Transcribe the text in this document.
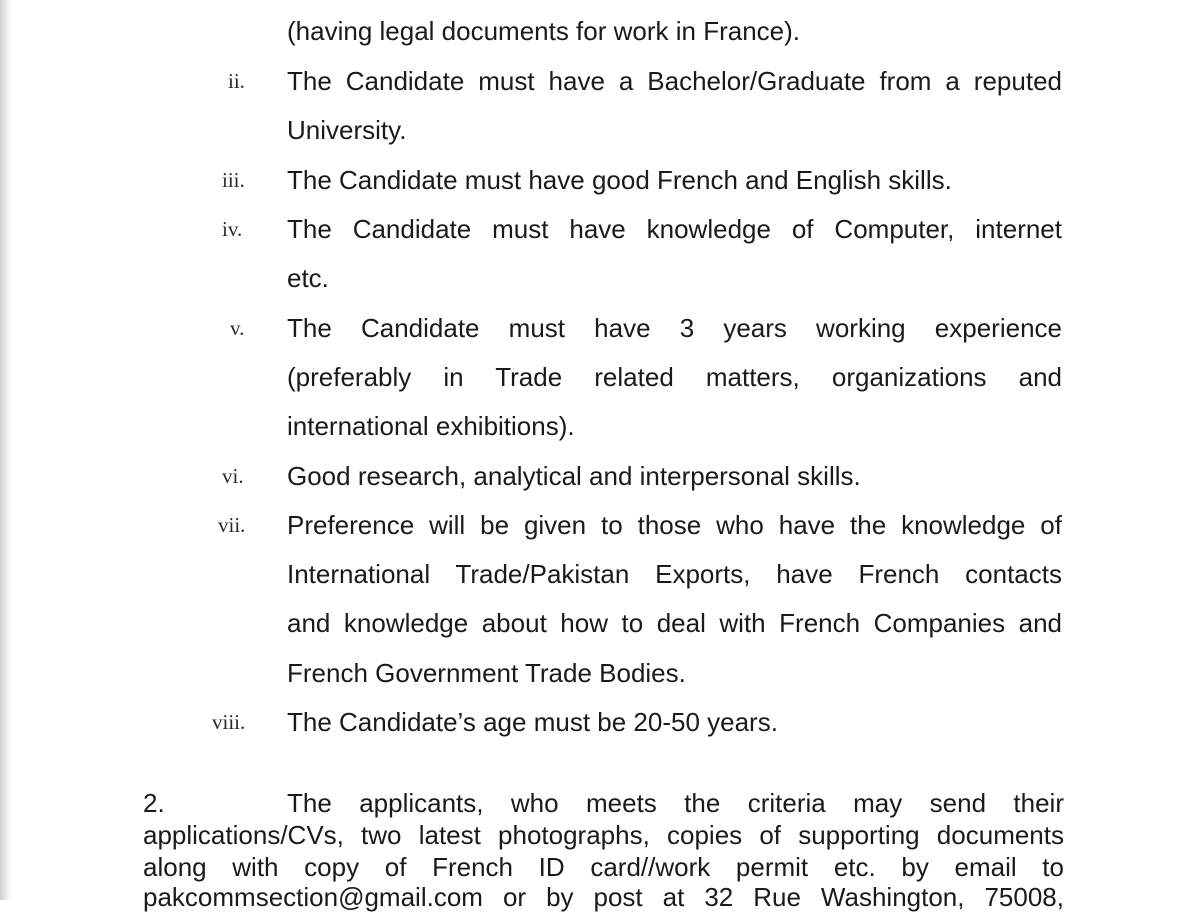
(having legal documents for work in France).
ii. The Candidate must have a Bachelor/Graduate from a reputed
University.
iii. The Candidate must have good French and English skills.
iv. The Candidate must have knowledge of Computer, internet
etc.
v. The Candidate must have 3 years working experience
(preferably in Trade related matters, organizations and
international exhibitions).
vi. Good research, analytical and interpersonal skills.
vii. Preference will be given to those who have the knowledge of
International Trade/Pakistan Exports, have French contacts
and knowledge about how to deal with French Companies and
French Government Trade Bodies.
viii. The Candidate’s age must be 20-50 years.
2.	The applicants, who meets the criteria may send their
applications/CVs, two latest photographs, copies of supporting documents
along with copy of French ID card//work permit etc. by email to
pakcommsection@gmail.com or by post at 32 Rue Washington, 75008,
